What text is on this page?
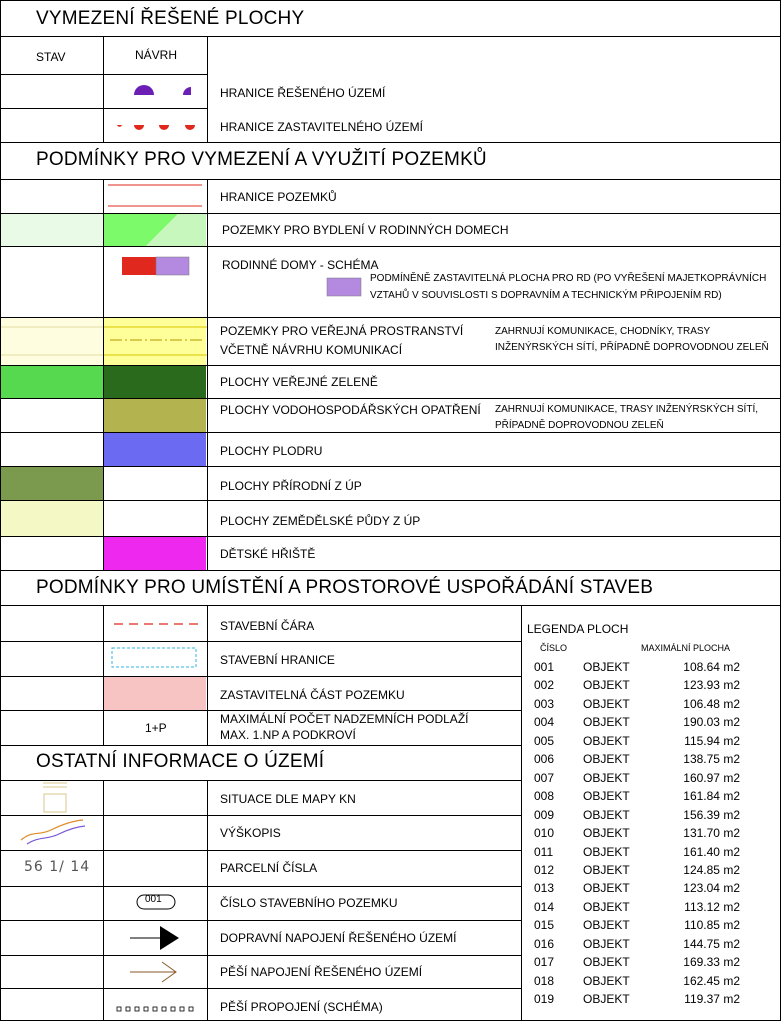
VYMEZENÍ ŘEŠENÉ PLOCHY
PODMÍNKY PRO VYMEZENÍ A VYUŽITÍ POZEMKŮ
PODMÍNKY PRO UMÍSTĚNÍ A PROSTOROVÉ USPOŘÁDÁNÍ STAVEB
OSTATNÍ INFORMACE O ÚZEMÍ
STAV	NÁVRH
1+P
56 1/ 14
001
HRANICE ŘEŠENÉHO ÚZEMÍ
HRANICE ZASTAVITELNÉHO ÚZEMÍ
HRANICE POZEMKŮ
POZEMKY PRO BYDLENÍ V RODINNÝCH DOMECH
RODINNÉ DOMY - SCHÉMA
PODMÍNĚNĚ ZASTAVITELNÁ PLOCHA PRO RD (PO VYŘEŠENÍ MAJETKOPRÁVNÍCH
VZTAHŮ V SOUVISLOSTI S DOPRAVNÍM A TECHNICKÝM PŘIPOJENÍM RD)
POZEMKY PRO VEŘEJNÁ PROSTRANSTVÍ
VČETNĚ NÁVRHU KOMUNIKACÍ
ZAHRNUJÍ KOMUNIKACE, CHODNÍKY, TRASY
INŽENÝRSKÝCH SÍTÍ, PŘÍPADNĚ DOPROVODNOU ZELEŇ
PLOCHY VEŘEJNÉ ZELENĚ
PLOCHY VODOHOSPODÁŘSKÝCH OPATŘENÍ ZAHRNUJÍ KOMUNIKACE, TRASY INŽENÝRSKÝCH SÍTÍ,
PŘÍPADNĚ DOPROVODNOU ZELEŇ
PLOCHY PLODRU
PLOCHY PŘÍRODNÍ Z ÚP
PLOCHY ZEMĚDĚLSKÉ PŮDY Z ÚP
DĚTSKÉ HŘIŠTĚ
STAVEBNÍ ČÁRA
STAVEBNÍ HRANICE
ZASTAVITELNÁ ČÁST POZEMKU
MAXIMÁLNÍ POČET NADZEMNÍCH PODLAŽÍ
MAX. 1.NP A PODKROVÍ
SITUACE DLE MAPY KN
VÝŠKOPIS
PARCELNÍ ČÍSLA
ČÍSLO STAVEBNÍHO POZEMKU
DOPRAVNÍ NAPOJENÍ ŘEŠENÉHO ÚZEMÍ
PĚŠÍ NAPOJENÍ ŘEŠENÉHO ÚZEMÍ
PĚŠÍ PROPOJENÍ (SCHÉMA)
LEGENDA PLOCH
ČÍSLO	MAXIMÁLNÍ PLOCHA
001 OBJEKT	108.64 m2
002 OBJEKT	123.93 m2
003 OBJEKT	106.48 m2
004 OBJEKT	190.03 m2
005 OBJEKT	115.94 m2
006 OBJEKT	138.75 m2
007 OBJEKT	160.97 m2
008 OBJEKT	161.84 m2
009 OBJEKT	156.39 m2
010 OBJEKT	131.70 m2
011 OBJEKT	161.40 m2
012 OBJEKT	124.85 m2
013 OBJEKT	123.04 m2
014 OBJEKT	113.12 m2
015 OBJEKT	110.85 m2
016 OBJEKT	144.75 m2
017 OBJEKT	169.33 m2
018 OBJEKT	162.45 m2
019 OBJEKT	119.37 m2
